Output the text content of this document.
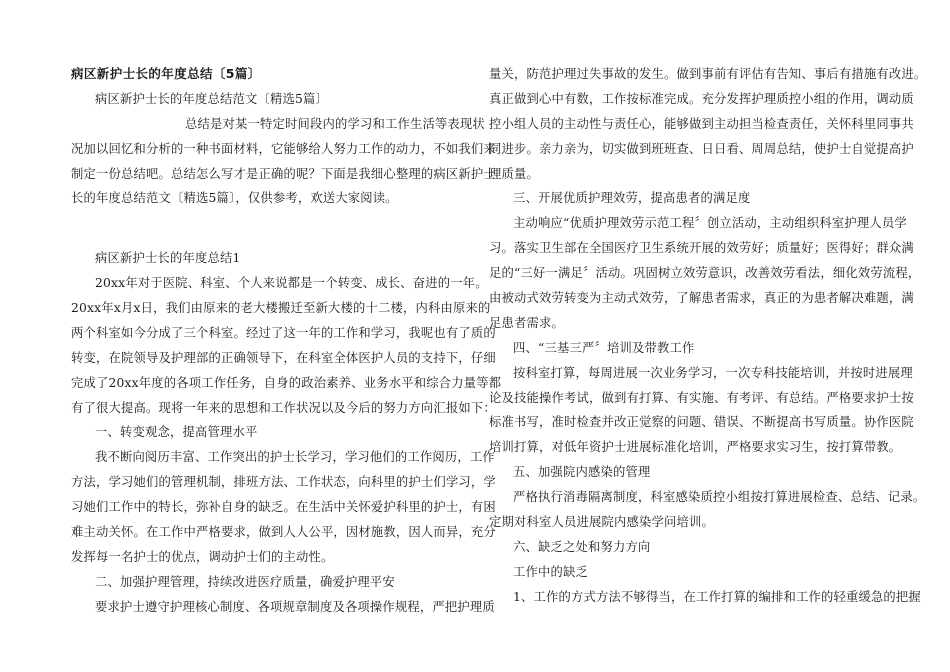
病区新护士长的年度总结〔5篇〕
病区新护士长的年度总结范文〔精选5篇〕
总结是对某一特定时间段内的学习和工作生活等表现状
况加以回忆和分析的一种书面材料，它能够给人努力工作的动力，不如我们来
制定一份总结吧。总结怎么写才是正确的呢？下面是我细心整理的病区新护士
长的年度总结范文〔精选5篇〕，仅供参考，欢送大家阅读。
病区新护士长的年度总结1
20xx年对于医院、科室、个人来说都是一个转变、成长、奋进的一年。
20xx年x月x日，我们由原来的老大楼搬迁至新大楼的十二楼，内科由原来的
两个科室如今分成了三个科室。经过了这一年的工作和学习，我呢也有了质的
转变，在院领导及护理部的正确领导下，在科室全体医护人员的支持下，仔细
完成了20xx年度的各项工作任务，自身的政治素养、业务水平和综合力量等都
有了很大提高。现将一年来的思想和工作状况以及今后的努力方向汇报如下：
一、转变观念，提高管理水平
我不断向阅历丰富、工作突出的护士长学习，学习他们的工作阅历，工作
方法，学习她们的管理机制，排班方法、工作状态，向科里的护士们学习，学
习她们工作中的特长，弥补自身的缺乏。在生活中关怀爱护科里的护士，有困
难主动关怀。在工作中严格要求，做到人人公平，因材施教，因人而异，充分
发挥每一名护士的优点，调动护士们的主动性。
二、加强护理管理，持续改进医疗质量，确爱护理平安
要求护士遵守护理核心制度、各项规章制度及各项操作规程，严把护理质
量关，防范护理过失事故的发生。做到事前有评估有告知、事后有措施有改进。
真正做到心中有数，工作按标准完成。充分发挥护理质控小组的作用，调动质
控小组人员的主动性与责任心，能够做到主动担当检查责任，关怀科里同事共
同进步。亲力亲为，切实做到班班查、日日看、周周总结，使护士自觉提高护
理质量。
三、开展优质护理效劳，提高患者的满足度
主动响应“优质护理效劳示范工程〞创立活动，主动组织科室护理人员学
习。落实卫生部在全国医疗卫生系统开展的效劳好；质量好；医得好；群众满
足的“三好一满足〞活动。巩固树立效劳意识，改善效劳看法，细化效劳流程，
由被动式效劳转变为主动式效劳，了解患者需求，真正的为患者解决难题，满
足患者需求。
四、“三基三严〞培训及带教工作
按科室打算，每周进展一次业务学习，一次专科技能培训，并按时进展理
论及技能操作考试，做到有打算、有实施、有考评、有总结。严格要求护士按
标准书写，准时检查并改正觉察的问题、错误、不断提高书写质量。协作医院
培训打算，对低年资护士进展标准化培训，严格要求实习生，按打算带教。
五、加强院内感染的管理
严格执行消毒隔离制度，科室感染质控小组按打算进展检查、总结、记录。
定期对科室人员进展院内感染学问培训。
六、缺乏之处和努力方向
工作中的缺乏
1、工作的方式方法不够得当，在工作打算的编排和工作的轻重缓急的把握
